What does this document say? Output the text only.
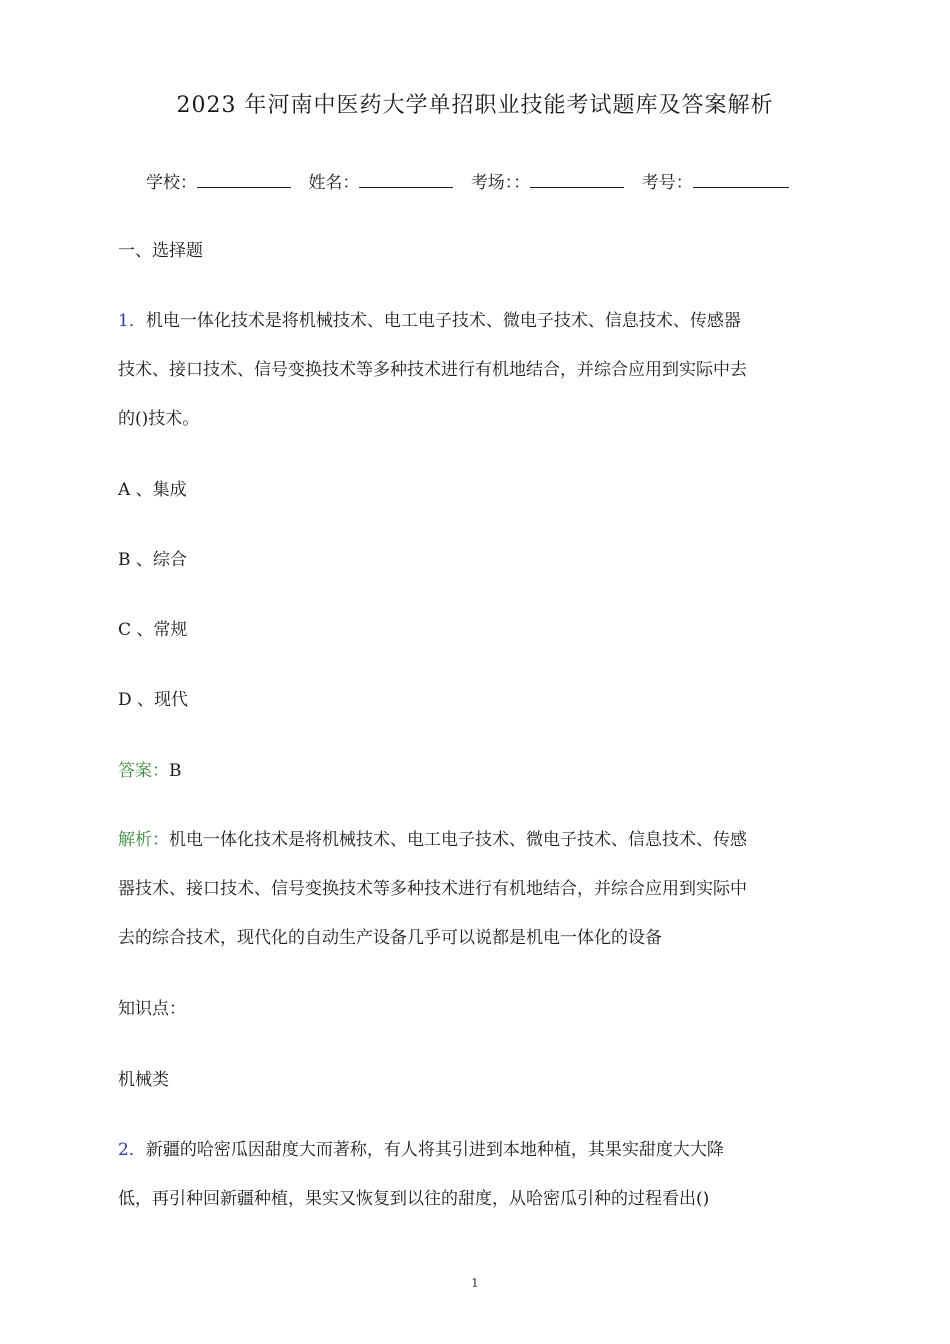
2023 年河南中医药大学单招职业技能考试题库及答案解析
学校：	姓名：	考场：：	考号：
一、选择题
1．机电一体化技术是将机械技术、电工电子技术、微电子技术、信息技术、传感器
技术、接口技术、信号变换技术等多种技术进行有机地结合，并综合应用到实际中去
的()技术。
A 、集成
B 、综合
C 、常规
D 、现代
答案：B
解析：机电一体化技术是将机械技术、电工电子技术、微电子技术、信息技术、传感
器技术、接口技术、信号变换技术等多种技术进行有机地结合，并综合应用到实际中
去的综合技术，现代化的自动生产设备几乎可以说都是机电一体化的设备
知识点：
机械类
2．新疆的哈密瓜因甜度大而著称，有人将其引进到本地种植，其果实甜度大大降
低，再引种回新疆种植，果实又恢复到以往的甜度，从哈密瓜引种的过程看出()
1
